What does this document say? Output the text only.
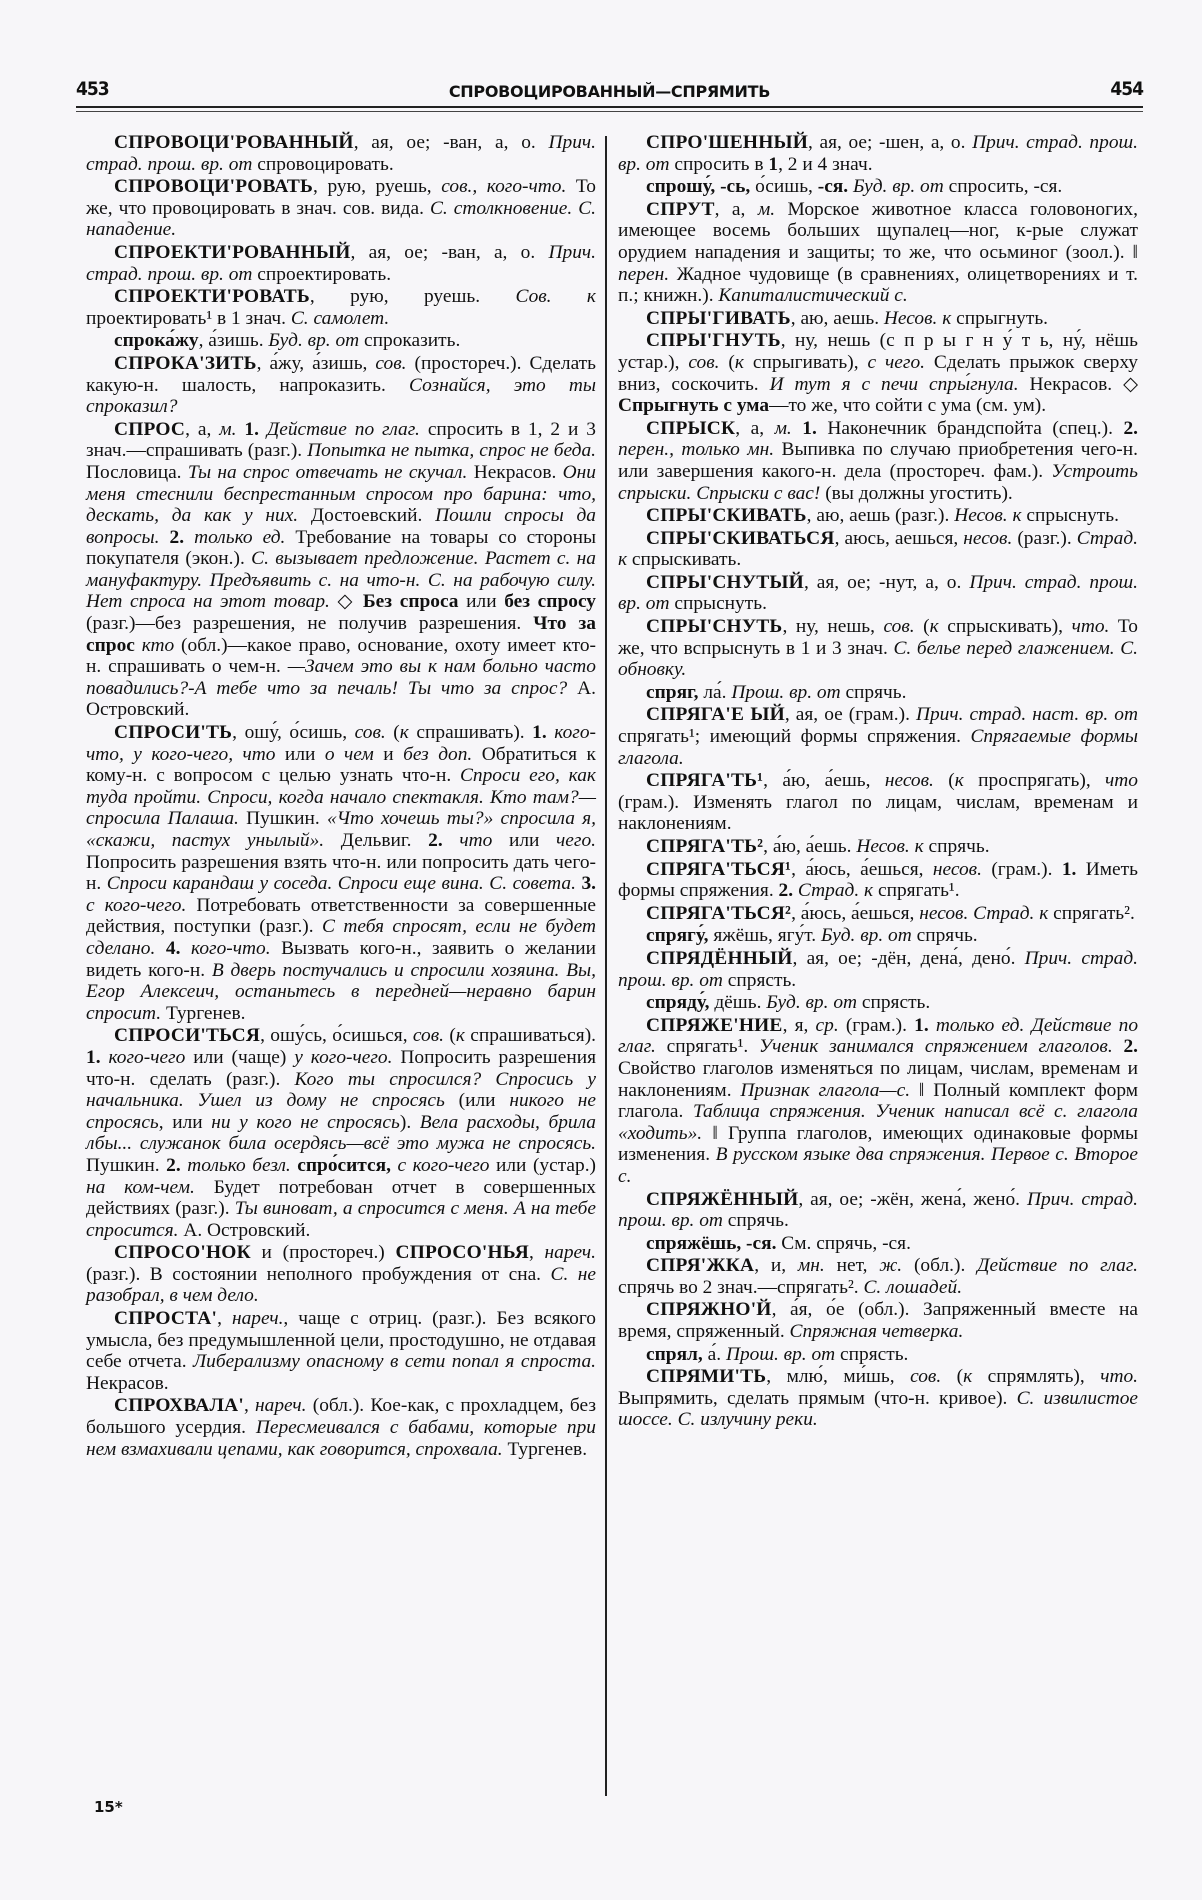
453	СПРОВОЦИРОВАННЫЙ—СПРЯМИТЬ	454

СПРОВОЦИ'РОВАННЫЙ, ая, ое; -ван, а, о. Прич. страд. прош. вр. от спровоцировать.

СПРОВОЦИ'РОВАТЬ, рую, руешь, сов., кого-что. То же, что провоцировать в знач. сов. вида. С. столкновение. С. нападение.

СПРОЕКТИ'РОВАННЫЙ, ая, ое; -ван, а, о. Прич. страд. прош. вр. от спроектировать.

СПРОЕКТИ'РОВАТЬ, рую, руешь. Сов. к проектировать¹ в 1 знач. С. самолет.

спрока́жу, а́зишь. Буд. вр. от спроказить.

СПРОКА'ЗИТЬ, а́жу, а́зишь, сов. (простореч.). Сделать какую-н. шалость, напроказить. Сознайся, это ты спроказил?

СПРОС, а, м. 1. Действие по глаг. спросить в 1, 2 и 3 знач.—спрашивать (разг.). Попытка не пытка, спрос не беда. Пословица. Ты на спрос отвечать не скучал. Некрасов. Они меня стеснили беспрестанным спросом про барина: что, дескать, да как у них. Достоевский. Пошли спросы да вопросы. 2. только ед. Требование на товары со стороны покупателя (экон.). С. вызывает предложение. Растет с. на мануфактуру. Предъявить с. на что-н. С. на рабочую силу. Нет спроса на этот товар. ◇ Без спроса или без спросу (разг.)—без разрешения, не получив разрешения. Что за спрос кто (обл.)—какое право, основание, охоту имеет кто-н. спрашивать о чем-н. —Зачем это вы к нам больно часто повадились?-А тебе что за печаль! Ты что за спрос? А. Островский.

СПРОСИ'ТЬ, ошу́, о́сишь, сов. (к спрашивать). 1. кого-что, у кого-чего, что или о чем и без доп. Обратиться к кому-н. с вопросом с целью узнать что-н. Спроси его, как туда пройти. Спроси, когда начало спектакля. Кто там?—спросила Палаша. Пушкин. «Что хочешь ты?» спросила я, «скажи, пастух унылый». Дельвиг. 2. что или чего. Попросить разрешения взять что-н. или попросить дать чего-н. Спроси карандаш у соседа. Спроси еще вина. С. совета. 3. с кого-чего. Потребовать ответственности за совершенные действия, поступки (разг.). С тебя спросят, если не будет сделано. 4. кого-что. Вызвать кого-н., заявить о желании видеть кого-н. В дверь постучались и спросили хозяина. Вы, Егор Алексеич, останьтесь в передней—неравно барин спросит. Тургенев.

СПРОСИ'ТЬСЯ, ошу́сь, о́сишься, сов. (к спрашиваться). 1. кого-чего или (чаще) у кого-чего. Попросить разрешения что-н. сделать (разг.). Кого ты спросился? Спросись у начальника. Ушел из дому не спросясь (или никого не спросясь, или ни у кого не спросясь). Вела расходы, брила лбы... служанок била осердясь—всё это мужа не спросясь. Пушкин. 2. только безл. спро́сится, с кого-чего или (устар.) на ком-чем. Будет потребован отчет в совершенных действиях (разг.). Ты виноват, а спросится с меня. А на тебе спросится. А. Островский.

СПРОСО'НОК и (простореч.) СПРОСО'НЬЯ, нареч. (разг.). В состоянии неполного пробуждения от сна. С. не разобрал, в чем дело.

СПРОСТА', нареч., чаще с отриц. (разг.). Без всякого умысла, без предумышленной цели, простодушно, не отдавая себе отчета. Либерализму опасному в сети попал я спроста. Некрасов.

СПРОХВАЛА', нареч. (обл.). Кое-как, с прохладцем, без большого усердия. Пересмеивался с бабами, которые при нем взмахивали цепами, как говорится, спрохвала. Тургенев.

СПРО'ШЕННЫЙ, ая, ое; -шен, а, о. Прич. страд. прош. вр. от спросить в 1, 2 и 4 знач.

спрошу́, -сь, о́сишь, -ся. Буд. вр. от спросить, -ся.

СПРУТ, а, м. Морское животное класса головоногих, имеющее восемь больших щупалец—ног, к-рые служат орудием нападения и защиты; то же, что осьминог (зоол.). ‖ перен. Жадное чудовище (в сравнениях, олицетворениях и т. п.; книжн.). Капиталистический с.

СПРЫ'ГИВАТЬ, аю, аешь. Несов. к спрыгнуть.

СПРЫ'ГНУТЬ, ну, нешь (с п р ы г н у́ т ь, ну́, нёшь устар.), сов. (к спрыгивать), с чего. Сделать прыжок сверху вниз, соскочить. И тут я с печи спры́гнула. Некрасов. ◇ Спрыгнуть с ума—то же, что сойти с ума (см. ум).

СПРЫСК, а, м. 1. Наконечник брандспойта (спец.). 2. перен., только мн. Выпивка по случаю приобретения чего-н. или завершения какого-н. дела (простореч. фам.). Устроить спрыски. Спрыски с вас! (вы должны угостить).

СПРЫ'СКИВАТЬ, аю, аешь (разг.). Несов. к спрыснуть.

СПРЫ'СКИВАТЬСЯ, аюсь, аешься, несов. (разг.). Страд. к спрыскивать.

СПРЫ'СНУТЫЙ, ая, ое; -нут, а, о. Прич. страд. прош. вр. от спрыснуть.

СПРЫ'СНУТЬ, ну, нешь, сов. (к спрыскивать), что. То же, что вспрыснуть в 1 и 3 знач. С. белье перед глажением. С. обновку.

спряг, ла́. Прош. вр. от спрячь.

СПРЯГА'Е ЫЙ, ая, ое (грам.). Прич. страд. наст. вр. от спрягать¹; имеющий формы спряжения. Спрягаемые формы глагола.

СПРЯГА'ТЬ¹, а́ю, а́ешь, несов. (к проспрягать), что (грам.). Изменять глагол по лицам, числам, временам и наклонениям.

СПРЯГА'ТЬ², а́ю, а́ешь. Несов. к спрячь.

СПРЯГА'ТЬСЯ¹, а́юсь, а́ешься, несов. (грам.). 1. Иметь формы спряжения. 2. Страд. к спрягать¹.

СПРЯГА'ТЬСЯ², а́юсь, а́ешься, несов. Страд. к спрягать².

спрягу́, яжёшь, ягу́т. Буд. вр. от спрячь.

СПРЯДЁННЫЙ, ая, ое; -дён, дена́, дено́. Прич. страд. прош. вр. от спрясть.

спряду́, дёшь. Буд. вр. от спрясть.

СПРЯЖЕ'НИЕ, я, ср. (грам.). 1. только ед. Действие по глаг. спрягать¹. Ученик занимался спряжением глаголов. 2. Свойство глаголов изменяться по лицам, числам, временам и наклонениям. Признак глагола—с. ‖ Полный комплект форм глагола. Таблица спряжения. Ученик написал всё с. глагола «ходить». ‖ Группа глаголов, имеющих одинаковые формы изменения. В русском языке два спряжения. Первое с. Второе с.

СПРЯЖЁННЫЙ, ая, ое; -жён, жена́, жено́. Прич. страд. прош. вр. от спрячь.

спряжёшь, -ся. См. спрячь, -ся.

СПРЯ'ЖКА, и, мн. нет, ж. (обл.). Действие по глаг. спрячь во 2 знач.—спрягать². С. лошадей.

СПРЯЖНО'Й, а́я, о́е (обл.). Запряженный вместе на время, спряженный. Спряжная четверка.

спрял, а́. Прош. вр. от спрясть.

СПРЯМИ'ТЬ, млю́, ми́шь, сов. (к спрямлять), что. Выпрямить, сделать прямым (что-н. кривое). С. извилистое шоссе. С. излучину реки.

15*
